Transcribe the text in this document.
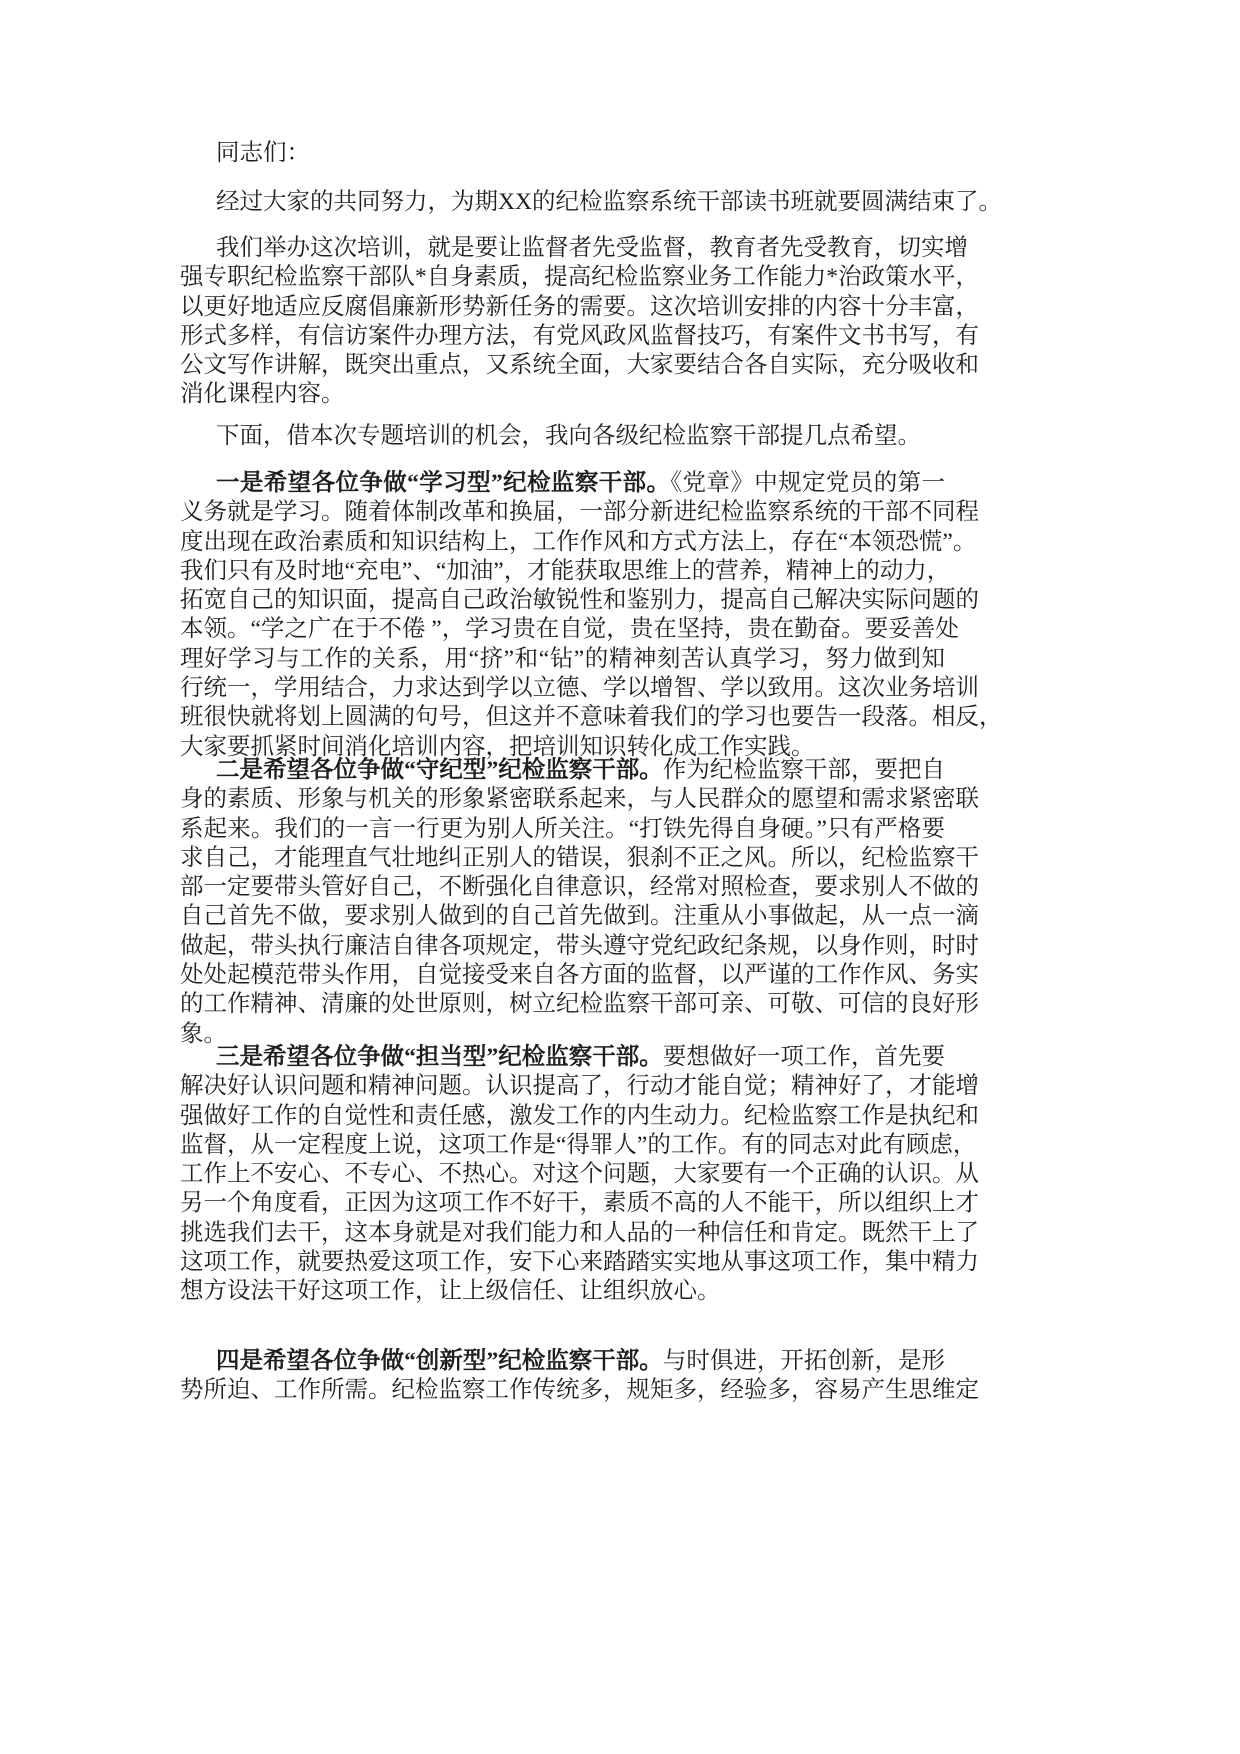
同志们：
经过大家的共同努力，为期XX的纪检监察系统干部读书班就要圆满结束了。
我们举办这次培训，就是要让监督者先受监督，教育者先受教育，切实增
强专职纪检监察干部队*自身素质，提高纪检监察业务工作能力*治政策水平，
以更好地适应反腐倡廉新形势新任务的需要。这次培训安排的内容十分丰富，
形式多样，有信访案件办理方法，有党风政风监督技巧，有案件文书书写，有
公文写作讲解，既突出重点，又系统全面，大家要结合各自实际，充分吸收和
消化课程内容。
下面，借本次专题培训的机会，我向各级纪检监察干部提几点希望。
一是希望各位争做“学习型”纪检监察干部。《党章》中规定党员的第一
义务就是学习。随着体制改革和换届，一部分新进纪检监察系统的干部不同程
度出现在政治素质和知识结构上，工作作风和方式方法上，存在“本领恐慌”。
我们只有及时地“充电”、“加油”，才能获取思维上的营养，精神上的动力，
拓宽自己的知识面，提高自己政治敏锐性和鉴别力，提高自己解决实际问题的
本领。“学之广在于不倦 ”，学习贵在自觉，贵在坚持，贵在勤奋。要妥善处
理好学习与工作的关系，用“挤”和“钻”的精神刻苦认真学习，努力做到知
行统一，学用结合，力求达到学以立德、学以增智、学以致用。这次业务培训
班很快就将划上圆满的句号，但这并不意味着我们的学习也要告一段落。相反，
大家要抓紧时间消化培训内容，把培训知识转化成工作实践。
二是希望各位争做“守纪型”纪检监察干部。作为纪检监察干部，要把自
身的素质、形象与机关的形象紧密联系起来，与人民群众的愿望和需求紧密联
系起来。我们的一言一行更为别人所关注。“打铁先得自身硬。”只有严格要
求自己，才能理直气壮地纠正别人的错误，狠刹不正之风。所以，纪检监察干
部一定要带头管好自己，不断强化自律意识，经常对照检查，要求别人不做的
自己首先不做，要求别人做到的自己首先做到。注重从小事做起，从一点一滴
做起，带头执行廉洁自律各项规定，带头遵守党纪政纪条规，以身作则，时时
处处起模范带头作用，自觉接受来自各方面的监督，以严谨的工作作风、务实
的工作精神、清廉的处世原则，树立纪检监察干部可亲、可敬、可信的良好形
象。
三是希望各位争做“担当型”纪检监察干部。要想做好一项工作，首先要
解决好认识问题和精神问题。认识提高了，行动才能自觉；精神好了，才能增
强做好工作的自觉性和责任感，激发工作的内生动力。纪检监察工作是执纪和
监督，从一定程度上说，这项工作是“得罪人”的工作。有的同志对此有顾虑，
工作上不安心、不专心、不热心。对这个问题，大家要有一个正确的认识。从
另一个角度看，正因为这项工作不好干，素质不高的人不能干，所以组织上才
挑选我们去干，这本身就是对我们能力和人品的一种信任和肯定。既然干上了
这项工作，就要热爱这项工作，安下心来踏踏实实地从事这项工作，集中精力
想方设法干好这项工作，让上级信任、让组织放心。
四是希望各位争做“创新型”纪检监察干部。与时俱进，开拓创新，是形
势所迫、工作所需。纪检监察工作传统多，规矩多，经验多，容易产生思维定
